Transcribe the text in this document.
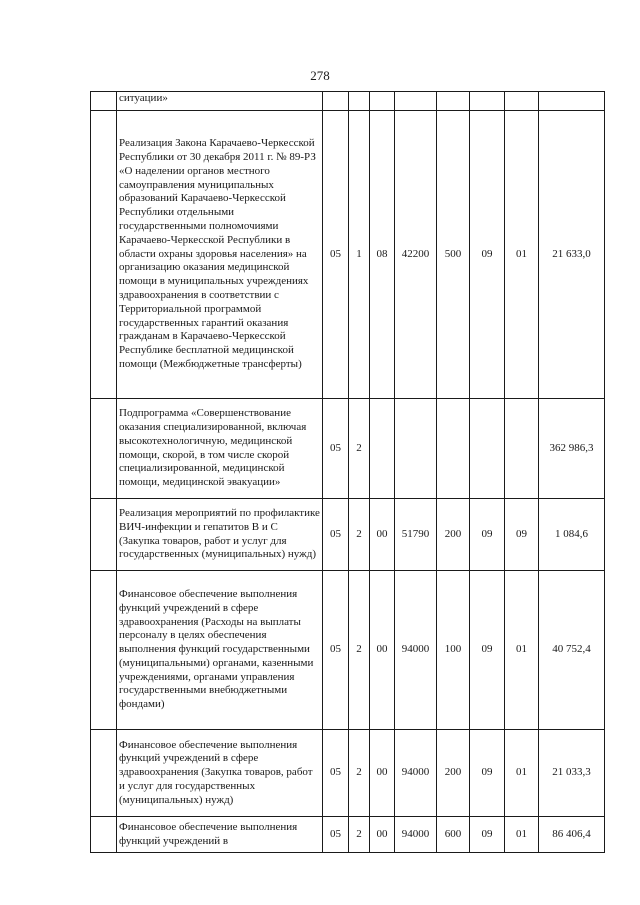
278
	ситуации»								
	Реализация Закона Карачаево-Черкесской Республики от 30 декабря 2011 г. № 89-РЗ «О наделении органов местного самоуправления муниципальных образований Карачаево-Черкесской Республики отдельными государственными полномочиями Карачаево-Черкесской Республики в области охраны здоровья населения» на организацию оказания медицинской помощи в муниципальных учреждениях здравоохранения в соответствии с Территориальной программой государственных гарантий оказания гражданам в Карачаево-Черкесской Республике бесплатной медицинской помощи (Межбюджетные трансферты)	05	1	08	42200	500	09	01	21 633,0
	Подпрограмма «Совершенствование оказания специализированной, включая высокотехнологичную, медицинской помощи, скорой, в том числе скорой специализированной, медицинской помощи, медицинской эвакуации»	05	2						362 986,3
	Реализация мероприятий по профилактике ВИЧ-инфекции и гепатитов В и С (Закупка товаров, работ и услуг для государственных (муниципальных) нужд)	05	2	00	51790	200	09	09	1 084,6
	Финансовое обеспечение выполнения функций учреждений в сфере здравоохранения (Расходы на выплаты персоналу в целях обеспечения выполнения функций государственными (муниципальными) органами, казенными учреждениями, органами управления государственными внебюджетными фондами)	05	2	00	94000	100	09	01	40 752,4
	Финансовое обеспечение выполнения функций учреждений в сфере здравоохранения (Закупка товаров, работ и услуг для государственных (муниципальных) нужд)	05	2	00	94000	200	09	01	21 033,3
	Финансовое обеспечение выполнения функций учреждений в	05	2	00	94000	600	09	01	86 406,4
